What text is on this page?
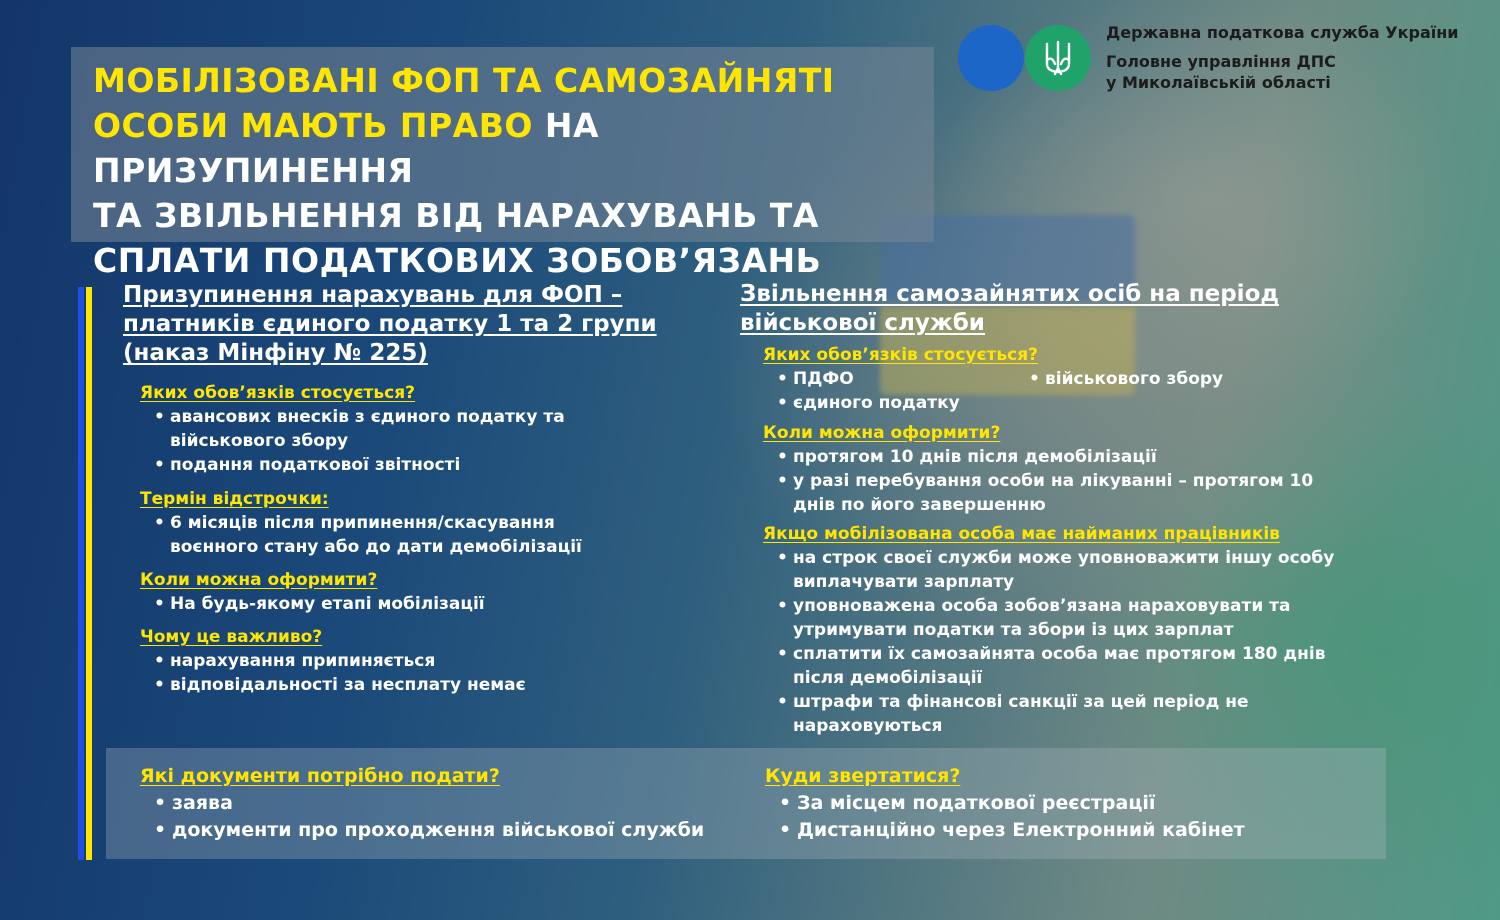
Державна податкова служба України
Головне управління ДПС
у Миколаївській області
МОБІЛІЗОВАНІ ФОП ТА САМОЗАЙНЯТІ
ОСОБИ МАЮТЬ ПРАВО НА ПРИЗУПИНЕННЯ
ТА ЗВІЛЬНЕННЯ ВІД НАРАХУВАНЬ ТА
СПЛАТИ ПОДАТКОВИХ ЗОБОВ’ЯЗАНЬ
Призупинення нарахувань для ФОП –
платників єдиного податку 1 та 2 групи
(наказ Мінфіну № 225)

Яких обов’язків стосується?

• авансових внесків з єдиного податку та військового збору
• подання податкової звітності

Термін відстрочки:

• 6 місяців після припинення/скасування воєнного стану або до дати демобілізації

Коли можна оформити?

• На будь-якому етапі мобілізації

Чому це важливо?

• нарахування припиняється
• відповідальності за несплату немає
Звільнення самозайнятих осіб на період
військової служби

Яких обов’язків стосується?

• ПДФО
• єдиного податку
• військового збору

Коли можна оформити?

• протягом 10 днів після демобілізації
• у разі перебування особи на лікуванні – протягом 10 днів по його завершенню

Якщо мобілізована особа має найманих працівників

• на строк своєї служби може уповноважити іншу особу виплачувати зарплату
• уповноважена особа зобов’язана нараховувати та утримувати податки та збори із цих зарплат
• сплатити їх самозайнята особа має протягом 180 днів після демобілізації
• штрафи та фінансові санкції за цей період не нараховуються

Які документи потрібно подати?

• заява
• документи про проходження військової служби

Куди звертатися?

• За місцем податкової реєстрації
• Дистанційно через Електронний кабінет
